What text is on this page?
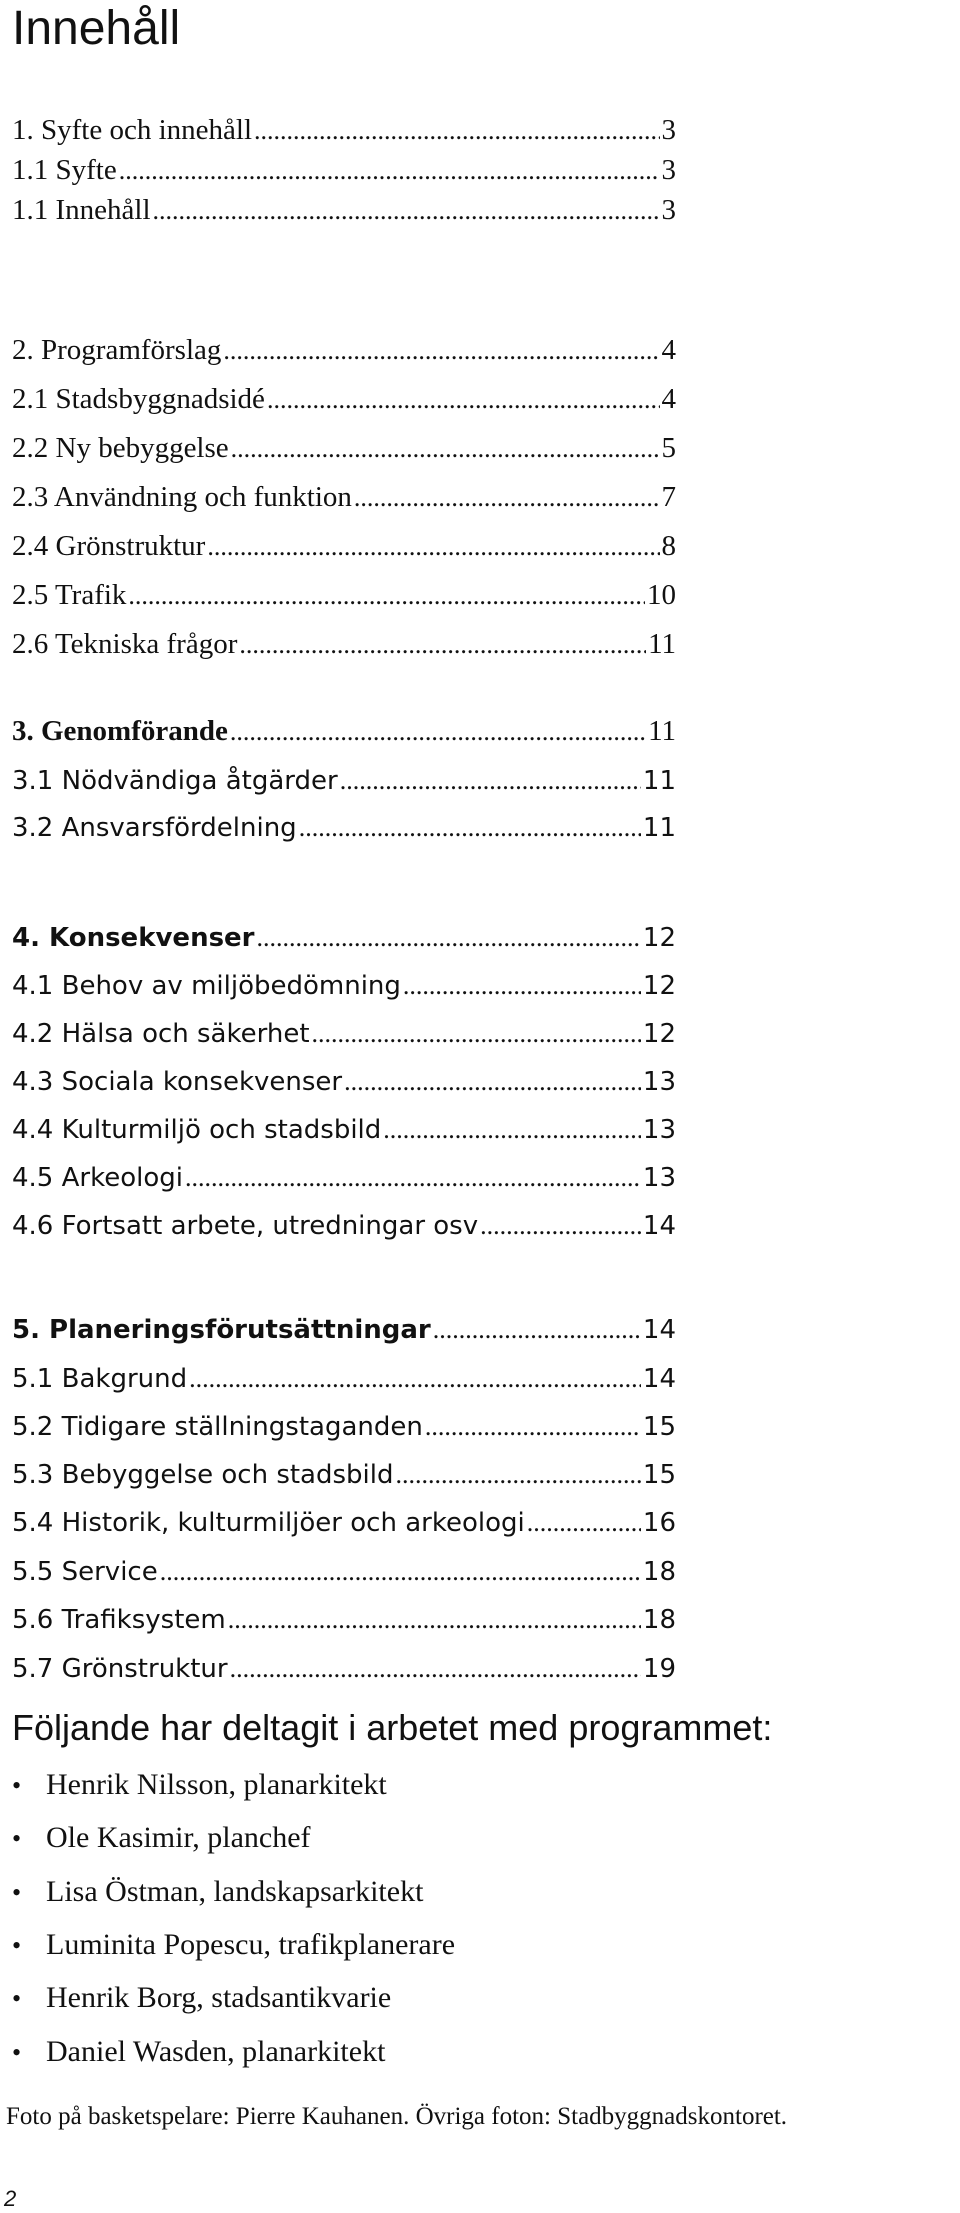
Innehåll
1. Syfte och innehåll .....	3
1.1 Syfte .....	3
1.1 Innehåll .....	3
2. Programförslag .....	4
2.1 Stadsbyggnadsidé .....	4
2.2 Ny bebyggelse .....	5
2.3 Användning och funktion .....	7
2.4 Grönstruktur .....	8
2.5 Trafik .....	10
2.6 Tekniska frågor .....	11
3. Genomförande .....	11
3.1 Nödvändiga åtgärder .....	11
3.2 Ansvarsfördelning .....	11
4. Konsekvenser .....	12
4.1 Behov av miljöbedömning .....	12
4.2 Hälsa och säkerhet .....	12
4.3 Sociala konsekvenser .....	13
4.4 Kulturmiljö och stadsbild .....	13
4.5 Arkeologi .....	13
4.6 Fortsatt arbete, utredningar osv .....	14
5. Planeringsförutsättningar .....	14
5.1 Bakgrund .....	14
5.2 Tidigare ställningstaganden .....	15
5.3 Bebyggelse och stadsbild .....	15
5.4 Historik, kulturmiljöer och arkeologi .....	16
5.5 Service .....	18
5.6 Trafiksystem .....	18
5.7 Grönstruktur .....	19
Följande har deltagit i arbetet med programmet:
• Henrik Nilsson, planarkitekt
• Ole Kasimir, planchef
• Lisa Östman, landskapsarkitekt
• Luminita Popescu, trafikplanerare
• Henrik Borg, stadsantikvarie
• Daniel Wasden, planarkitekt

Foto på basketspelare: Pierre Kauhanen. Övriga foton: Stadbyggnadskontoret.

2
